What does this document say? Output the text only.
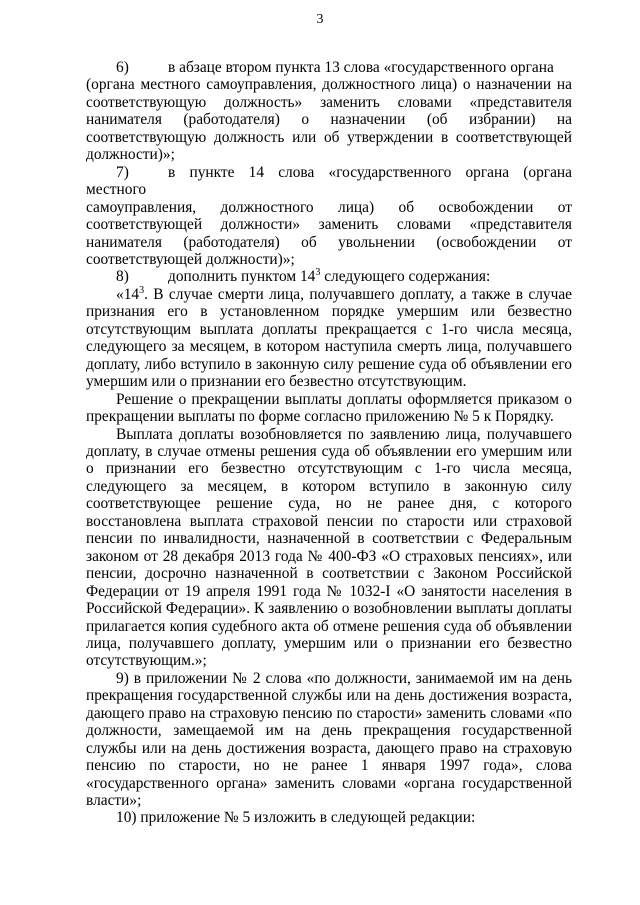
3

6)	в абзаце втором пункта 13 слова «государственного органа

(органа местного самоуправления, должностного лица) о назначении на соответствующую должность» заменить словами «представителя нанимателя (работодателя) о назначении (об избрании) на соответствующую должность или об утверждении в соответствующей должности)»;

7)	в пункте 14 слова «государственного органа (органа местного

самоуправления, должностного лица) об освобождении от соответствующей должности» заменить словами «представителя нанимателя (работодателя) об увольнении (освобождении от соответствующей должности)»;

8)	дополнить пунктом $14^3$ следующего содержания:

«$14^3$. В случае смерти лица, получавшего доплату, а также в случае признания его в установленном порядке умершим или безвестно отсутствующим выплата доплаты прекращается с 1-го числа месяца, следующего за месяцем, в котором наступила смерть лица, получавшего доплату, либо вступило в законную силу решение суда об объявлении его умершим или о признании его безвестно отсутствующим.

Решение о прекращении выплаты доплаты оформляется приказом о прекращении выплаты по форме согласно приложению № 5 к Порядку.

Выплата доплаты возобновляется по заявлению лица, получавшего доплату, в случае отмены решения суда об объявлении его умершим или о признании его безвестно отсутствующим с 1-го числа месяца, следующего за месяцем, в котором вступило в законную силу соответствующее решение суда, но не ранее дня, с которого восстановлена выплата страховой пенсии по старости или страховой пенсии по инвалидности, назначенной в соответствии с Федеральным законом от 28 декабря 2013 года № 400-ФЗ «О страховых пенсиях», или пенсии, досрочно назначенной в соответствии с Законом Российской Федерации от 19 апреля 1991 года № 1032-I «О занятости населения в Российской Федерации». К заявлению о возобновлении выплаты доплаты прилагается копия судебного акта об отмене решения суда об объявлении лица, получавшего доплату, умершим или о признании его безвестно отсутствующим.»;

9) в приложении № 2 слова «по должности, занимаемой им на день прекращения государственной службы или на день достижения возраста, дающего право на страховую пенсию по старости» заменить словами «по должности, замещаемой им на день прекращения государственной службы или на день достижения возраста, дающего право на страховую пенсию по старости, но не ранее 1 января 1997 года», слова «государственного органа» заменить словами «органа государственной власти»;

10) приложение № 5 изложить в следующей редакции:
